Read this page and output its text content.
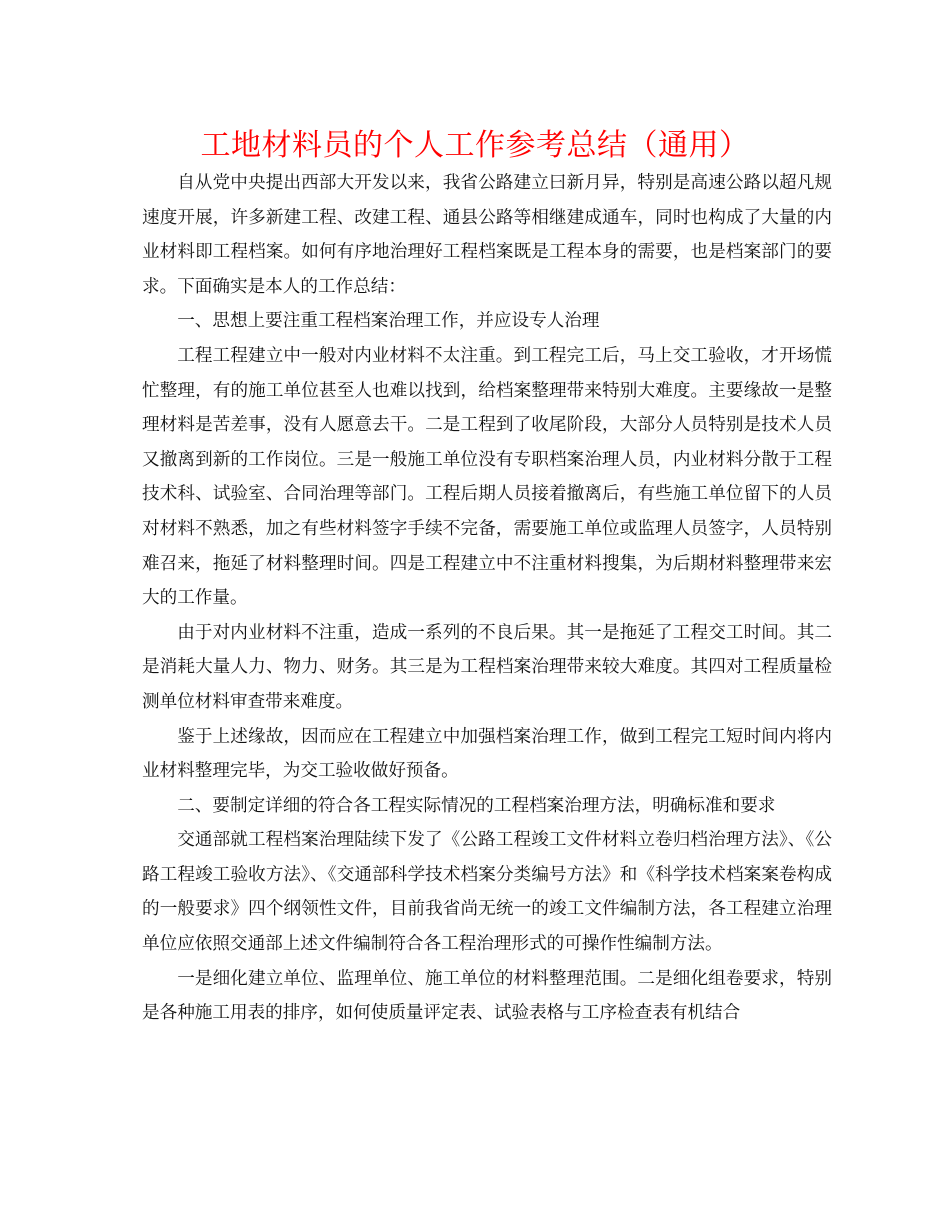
工地材料员的个人工作参考总结（通用）

自从党中央提出西部大开发以来，我省公路建立曰新月异，特别是高速公路以超凡规速度开展，许多新建工程、改建工程、通县公路等相继建成通车，同时也构成了大量的内业材料即工程档案。如何有序地治理好工程档案既是工程本身的需要，也是档案部门的要求。下面确实是本人的工作总结：

一、思想上要注重工程档案治理工作，并应设专人治理

工程工程建立中一般对内业材料不太注重。到工程完工后，马上交工验收，才开场慌忙整理，有的施工单位甚至人也难以找到，给档案整理带来特别大难度。主要缘故一是整理材料是苦差事，没有人愿意去干。二是工程到了收尾阶段，大部分人员特别是技术人员又撤离到新的工作岗位。三是一般施工单位没有专职档案治理人员，内业材料分散于工程技术科、试验室、合同治理等部门。工程后期人员接着撤离后，有些施工单位留下的人员对材料不熟悉，加之有些材料签字手续不完备，需要施工单位或监理人员签字，人员特别难召来，拖延了材料整理时间。四是工程建立中不注重材料搜集，为后期材料整理带来宏大的工作量。

由于对内业材料不注重，造成一系列的不良后果。其一是拖延了工程交工时间。其二是消耗大量人力、物力、财务。其三是为工程档案治理带来较大难度。其四对工程质量检测单位材料审查带来难度。

鉴于上述缘故，因而应在工程建立中加强档案治理工作，做到工程完工短时间内将内业材料整理完毕，为交工验收做好预备。

二、要制定详细的符合各工程实际情况的工程档案治理方法，明确标准和要求

交通部就工程档案治理陆续下发了《公路工程竣工文件材料立卷归档治理方法》、《公路工程竣工验收方法》、《交通部科学技术档案分类编号方法》和《科学技术档案案卷构成的一般要求》四个纲领性文件，目前我省尚无统一的竣工文件编制方法，各工程建立治理单位应依照交通部上述文件编制符合各工程治理形式的可操作性编制方法。

一是细化建立单位、监理单位、施工单位的材料整理范围。二是细化组卷要求，特别是各种施工用表的排序，如何使质量评定表、试验表格与工序检查表有机结合
